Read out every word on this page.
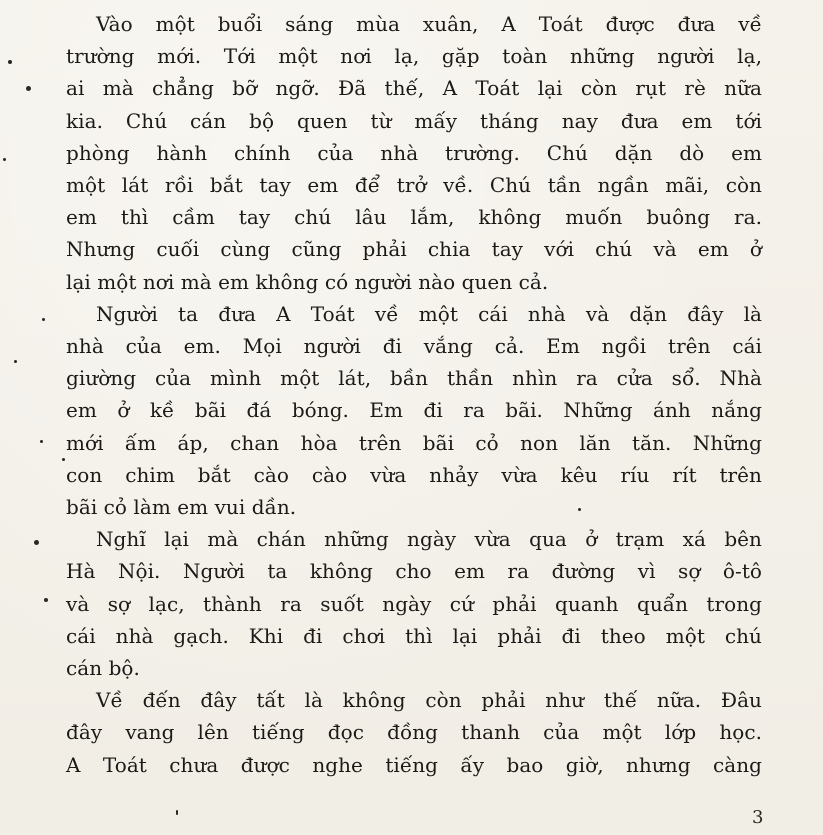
Vào một buổi sáng mùa xuân, A Toát được đưa về
trường mới. Tới một nơi lạ, gặp toàn những người lạ,
ai mà chẳng bỡ ngỡ. Đã thế, A Toát lại còn rụt rè nữa
kia. Chú cán bộ quen từ mấy tháng nay đưa em tới
phòng hành chính của nhà trường. Chú dặn dò em
một lát rồi bắt tay em để trở về. Chú tần ngần mãi, còn
em thì cầm tay chú lâu lắm, không muốn buông ra.
Nhưng cuối cùng cũng phải chia tay với chú và em ở
lại một nơi mà em không có người nào quen cả.
Người ta đưa A Toát về một cái nhà và dặn đây là
nhà của em. Mọi người đi vắng cả. Em ngồi trên cái
giường của mình một lát, bần thần nhìn ra cửa sổ. Nhà
em ở kề bãi đá bóng. Em đi ra bãi. Những ánh nắng
mới ấm áp, chan hòa trên bãi cỏ non lăn tăn. Những
con chim bắt cào cào vừa nhảy vừa kêu ríu rít trên
bãi cỏ làm em vui dần.
Nghĩ lại mà chán những ngày vừa qua ở trạm xá bên
Hà Nội. Người ta không cho em ra đường vì sợ ô-tô
và sợ lạc, thành ra suốt ngày cứ phải quanh quẩn trong
cái nhà gạch. Khi đi chơi thì lại phải đi theo một chú
cán bộ.
Về đến đây tất là không còn phải như thế nữa. Đâu
đây vang lên tiếng đọc đồng thanh của một lớp học.
A Toát chưa được nghe tiếng ấy bao giờ, nhưng càng
3
